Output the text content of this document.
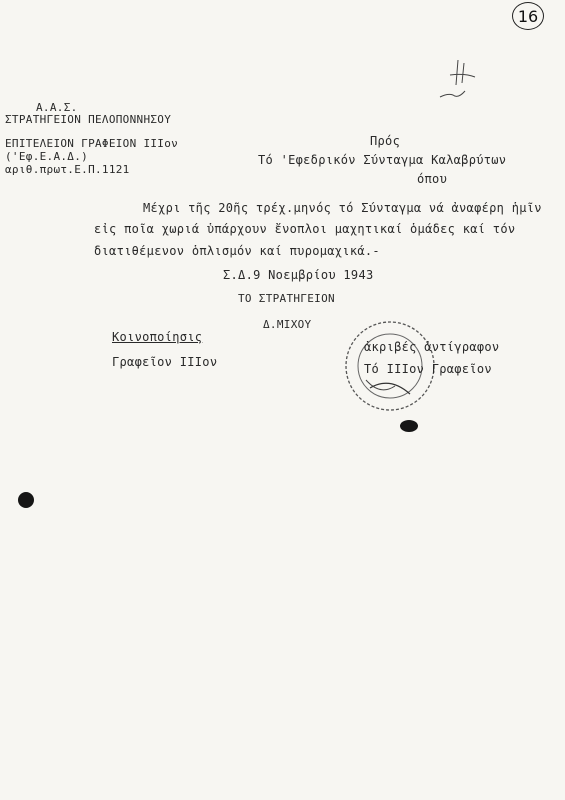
16
Α.Α.Σ.
ΣΤΡΑΤΗΓΕΙΟΝ ΠΕΛΟΠΟΝΝΗΣΟΥ
ΕΠΙΤΕΛΕΙΟΝ ΓΡΑΦΕΙΟΝ IIIον
('Εφ.Ε.Α.Δ.)
αριθ.πρωτ.Ε.Π.1121
Πρός
Τό 'Εφεδρικόν Σύνταγμα Καλαβρύτων
όπου
Μέχρι τῆς 20ῆς τρέχ.μηνός τό Σύνταγμα νά ἀναφέρη ἡμῖν
εἰς ποῖα χωριά ὑπάρχουν ἔνοπλοι μαχητικαί ὁμάδες καί τόν
διατιθέμενον ὁπλισμόν καί πυρομαχικά.-
Σ.Δ.9 Νοεμβρίου 1943
ΤΟ ΣΤΡΑΤΗΓΕΙΟΝ
Δ.ΜΙΧΟΥ
Κοινοποίησις
Γραφεῖον IIIον
ἀκριβές ἀντίγραφον
Τό IIIον Γραφεῖον
